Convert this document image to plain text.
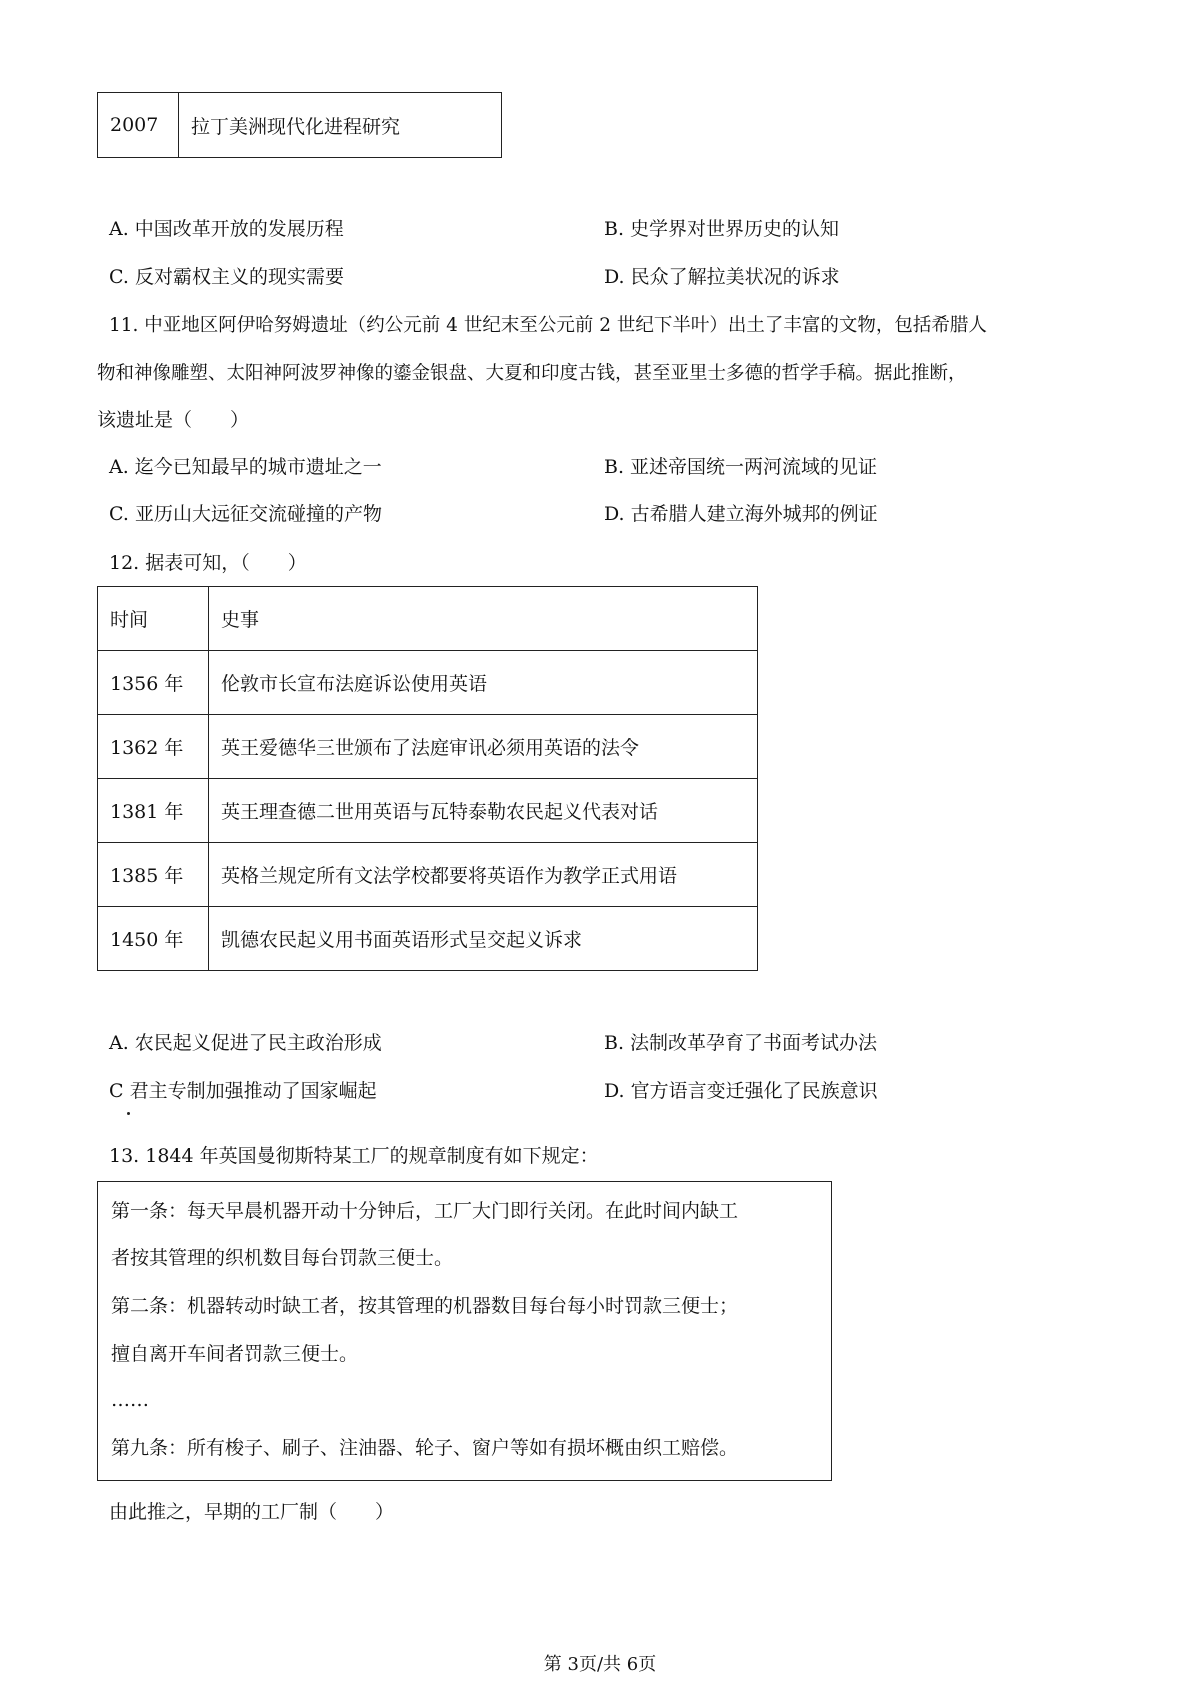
2007	拉丁美洲现代化进程研究
A. 中国改革开放的发展历程	B. 史学界对世界历史的认知
C. 反对霸权主义的现实需要	D. 民众了解拉美状况的诉求
11. 中亚地区阿伊哈努姆遗址（约公元前 4 世纪末至公元前 2 世纪下半叶）出土了丰富的文物，包括希腊人
物和神像雕塑、太阳神阿波罗神像的鎏金银盘、大夏和印度古钱，甚至亚里士多德的哲学手稿。据此推断，
该遗址是（　　）
A. 迄今已知最早的城市遗址之一	B. 亚述帝国统一两河流域的见证
C. 亚历山大远征交流碰撞的产物	D. 古希腊人建立海外城邦的例证
12. 据表可知，（　　）
时间	史事
1356 年	伦敦市长宣布法庭诉讼使用英语
1362 年	英王爱德华三世颁布了法庭审讯必须用英语的法令
1381 年	英王理查德二世用英语与瓦特泰勒农民起义代表对话
1385 年	英格兰规定所有文法学校都要将英语作为教学正式用语
1450 年	凯德农民起义用书面英语形式呈交起义诉求
A. 农民起义促进了民主政治形成	B. 法制改革孕育了书面考试办法
C 君主专制加强推动了国家崛起	D. 官方语言变迁强化了民族意识
13. 1844 年英国曼彻斯特某工厂的规章制度有如下规定：
第一条：每天早晨机器开动十分钟后，工厂大门即行关闭。在此时间内缺工
者按其管理的织机数目每台罚款三便士。
第二条：机器转动时缺工者，按其管理的机器数目每台每小时罚款三便士；
擅自离开车间者罚款三便士。
……
第九条：所有梭子、刷子、注油器、轮子、窗户等如有损坏概由织工赔偿。
由此推之，早期的工厂制（　　）
第 3页/共 6页
